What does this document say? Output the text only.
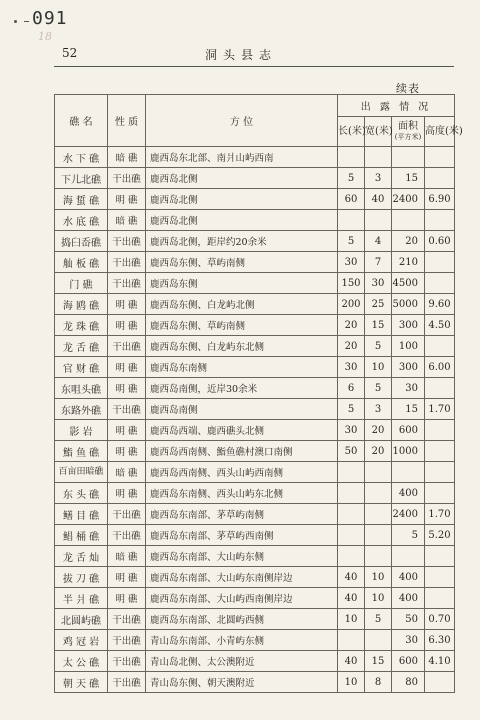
091
18
52	洞头县志
续表
礁 名	性 质	方 位	出 露 情 况			
			长(米)	宽(米)	面积
(平方米)	高度(米)
水 下 礁	暗 礁	鹿西岛东北部、南爿山屿西南				
下儿北礁	干出礁	鹿西岛北侧	5	3	15	
海 蜇 礁	明 礁	鹿西岛北侧	60	40	2400	6.90
水 底 礁	暗 礁	鹿西岛北侧				
捣臼岙礁	干出礁	鹿西岛北侧，距岸约20余米	5	4	20	0.60
舢 板 礁	干出礁	鹿西岛东侧、草屿南侧	30	7	210	
门 礁	干出礁	鹿西岛东侧	150	30	4500	
海 鸥 礁	明 礁	鹿西岛东侧、白龙屿北侧	200	25	5000	9.60
龙 珠 礁	明 礁	鹿西岛东侧、草屿南侧	20	15	300	4.50
龙 舌 礁	干出礁	鹿西岛东侧、白龙屿东北侧	20	5	100	
官 财 礁	明 礁	鹿西岛东南侧	30	10	300	6.00
东咀头礁	明 礁	鹿西岛南侧，近岸30余米	6	5	30	
东路外礁	干出礁	鹿西岛南侧	5	3	15	1.70
影 岩	明 礁	鹿西岛西端、鹿西礁头北侧	30	20	600	
鮨 鱼 礁	明 礁	鹿西岛西南侧、鮨鱼礁村澳口南侧	50	20	1000	
百亩田暗礁	暗 礁	鹿西岛西南侧、西头山屿西南侧				
东 头 礁	明 礁	鹿西岛东南侧、西头山屿东北侧			400	
鳝 目 礁	干出礁	鹿西岛东南部、茅草屿南侧			2400	1.70
鲳 桶 礁	干出礁	鹿西岛东南部、茅草屿西南侧			5	5.20
龙 舌 灿	暗 礁	鹿西岛东南部、大山屿东侧				
拔 刀 礁	明 礁	鹿西岛东南部、大山屿东南侧岸边	40	10	400	
半 爿 礁	明 礁	鹿西岛东南部、大山屿西南侧岸边	40	10	400	
北圆屿礁	干出礁	鹿西岛东南部、北圆屿西侧	10	5	50	0.70
鸡 冠 岩	干出礁	青山岛东南部、小青屿东侧			30	6.30
太 公 礁	干出礁	青山岛北侧、太公澳附近	40	15	600	4.10
朝 天 礁	干出礁	青山岛东侧、朝天澳附近	10	8	80	
